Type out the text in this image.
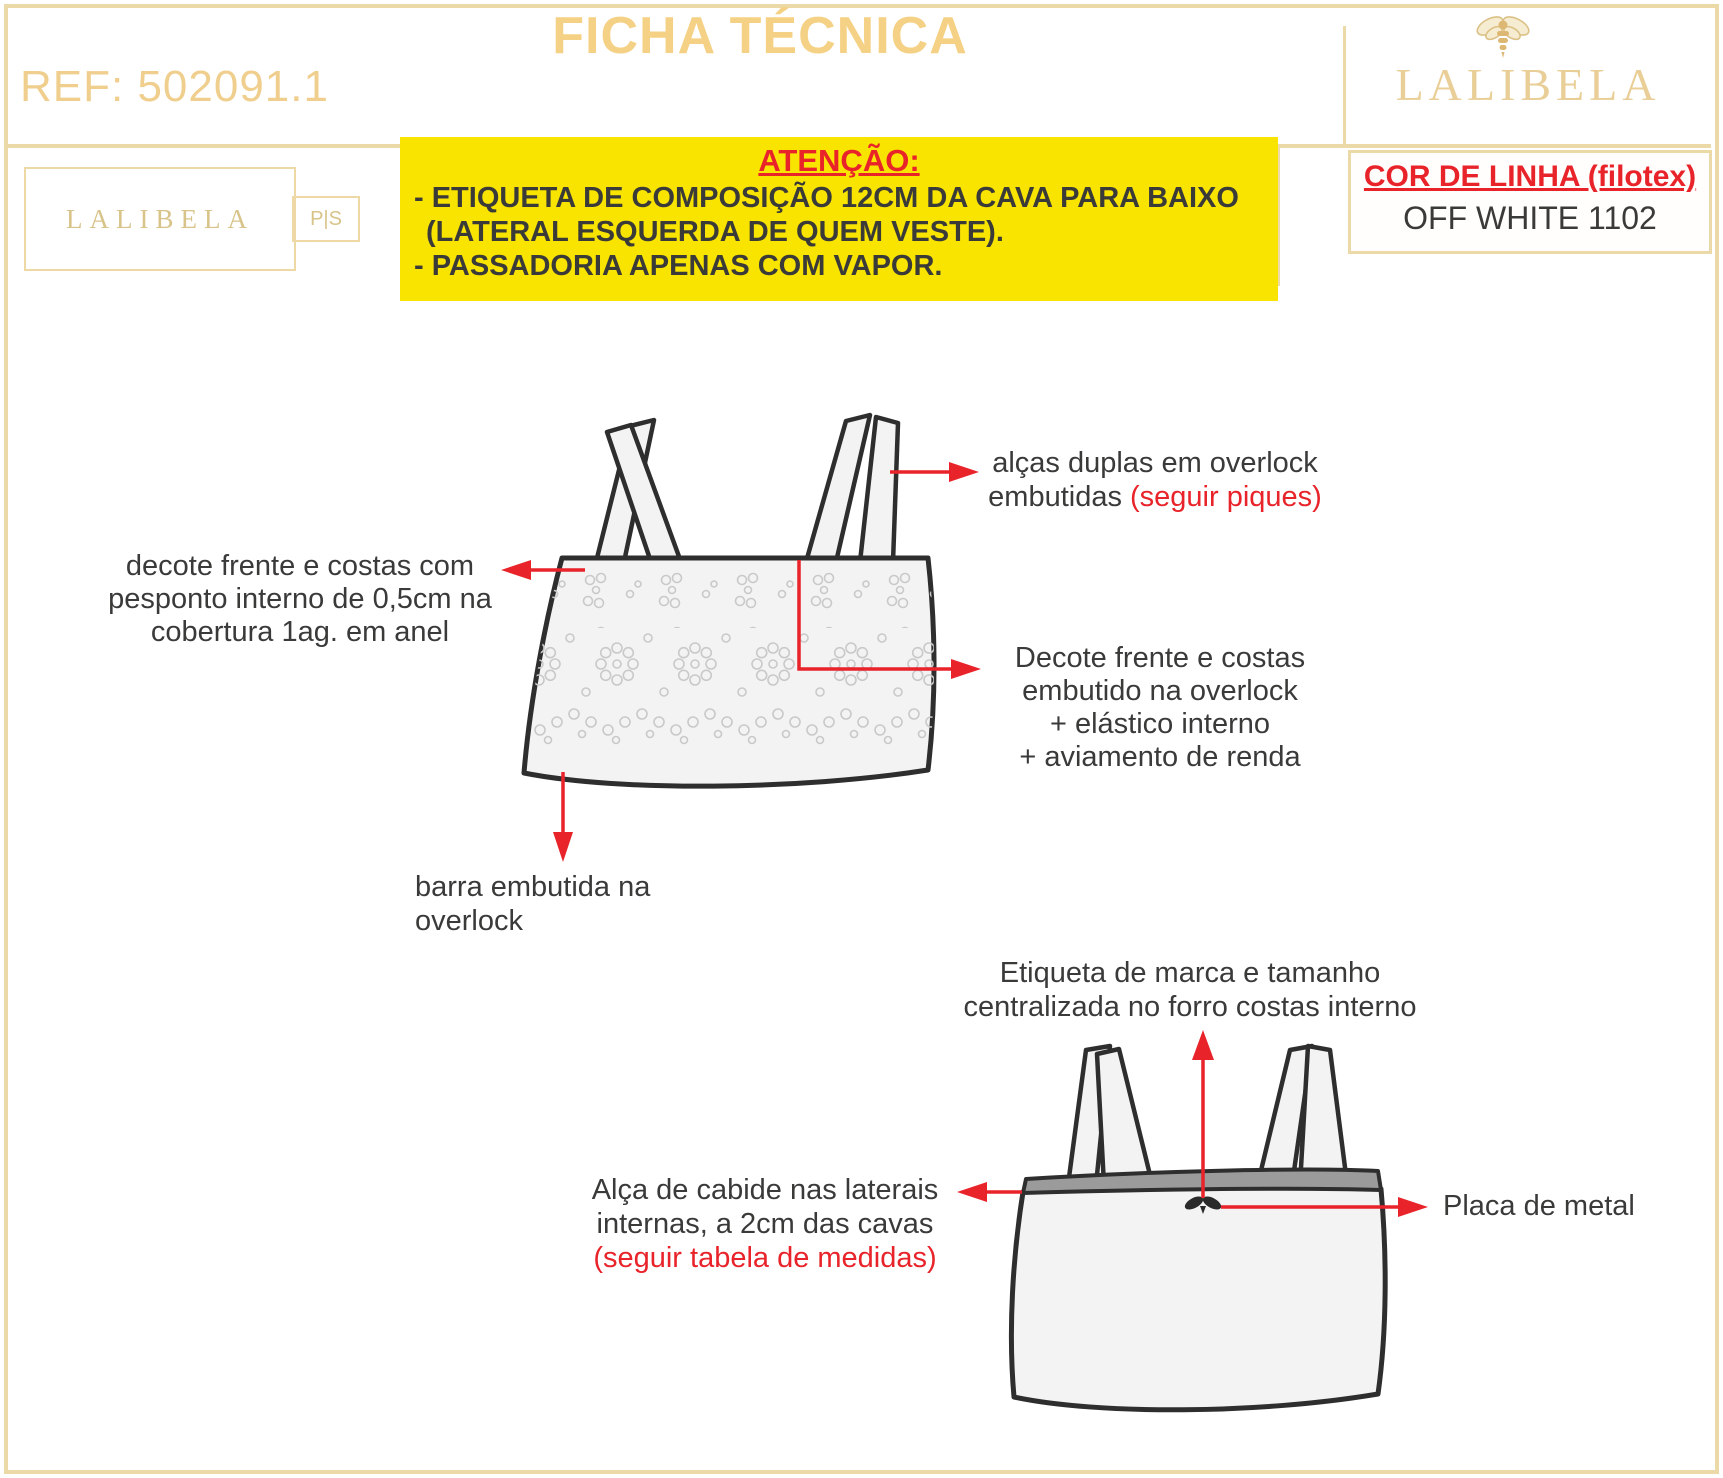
FICHA TÉCNICA
REF: 502091.1	LALIBELA
LALIBELA	P|S
ATENÇÃO:
- ETIQUETA DE COMPOSIÇÃO 12CM DA CAVA PARA BAIXO
(LATERAL ESQUERDA DE QUEM VESTE).
- PASSADORIA APENAS COM VAPOR.
COR DE LINHA (filotex)
OFF WHITE 1102
alças duplas em overlock
embutidas (seguir piques)
decote frente e costas com
pesponto interno de 0,5cm na
cobertura 1ag. em anel
Decote frente e costas
embutido na overlock
+ elástico interno
+ aviamento de renda
barra embutida na overlock
Etiqueta de marca e tamanho
centralizada no forro costas interno
Alça de cabide nas laterais
internas, a 2cm das cavas
(seguir tabela de medidas)
Placa de metal
